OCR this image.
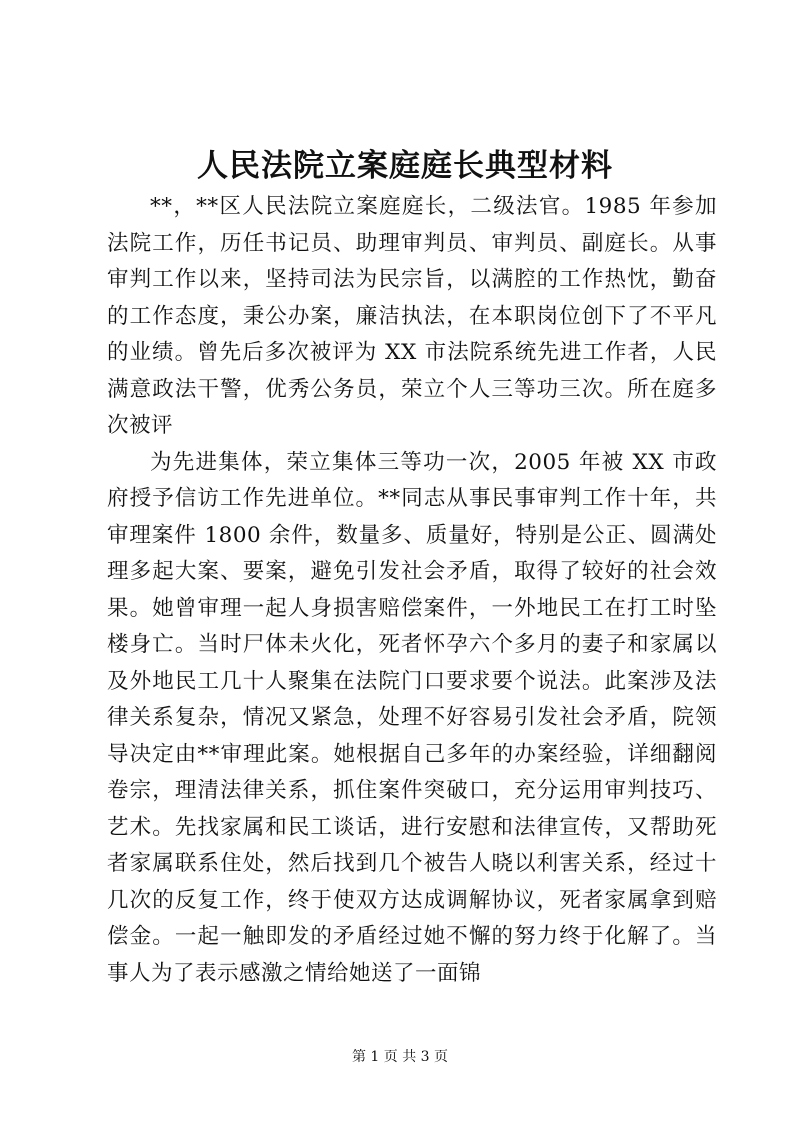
人民法院立案庭庭长典型材料

**，**区人民法院立案庭庭长，二级法官。1985 年参加法院工作，历任书记员、助理审判员、审判员、副庭长。从事审判工作以来，坚持司法为民宗旨，以满腔的工作热忱，勤奋的工作态度，秉公办案，廉洁执法，在本职岗位创下了不平凡的业绩。曾先后多次被评为 XX 市法院系统先进工作者，人民满意政法干警，优秀公务员，荣立个人三等功三次。所在庭多次被评

为先进集体，荣立集体三等功一次，2005 年被 XX 市政府授予信访工作先进单位。**同志从事民事审判工作十年，共审理案件 1800 余件，数量多、质量好，特别是公正、圆满处理多起大案、要案，避免引发社会矛盾，取得了较好的社会效果。她曾审理一起人身损害赔偿案件，一外地民工在打工时坠楼身亡。当时尸体未火化，死者怀孕六个多月的妻子和家属以及外地民工几十人聚集在法院门口要求要个说法。此案涉及法律关系复杂，情况又紧急，处理不好容易引发社会矛盾，院领导决定由**审理此案。她根据自己多年的办案经验，详细翻阅卷宗，理清法律关系，抓住案件突破口，充分运用审判技巧、艺术。先找家属和民工谈话，进行安慰和法律宣传，又帮助死者家属联系住处，然后找到几个被告人晓以利害关系，经过十几次的反复工作，终于使双方达成调解协议，死者家属拿到赔偿金。一起一触即发的矛盾经过她不懈的努力终于化解了。当事人为了表示感激之情给她送了一面锦

第 1 页 共 3 页
